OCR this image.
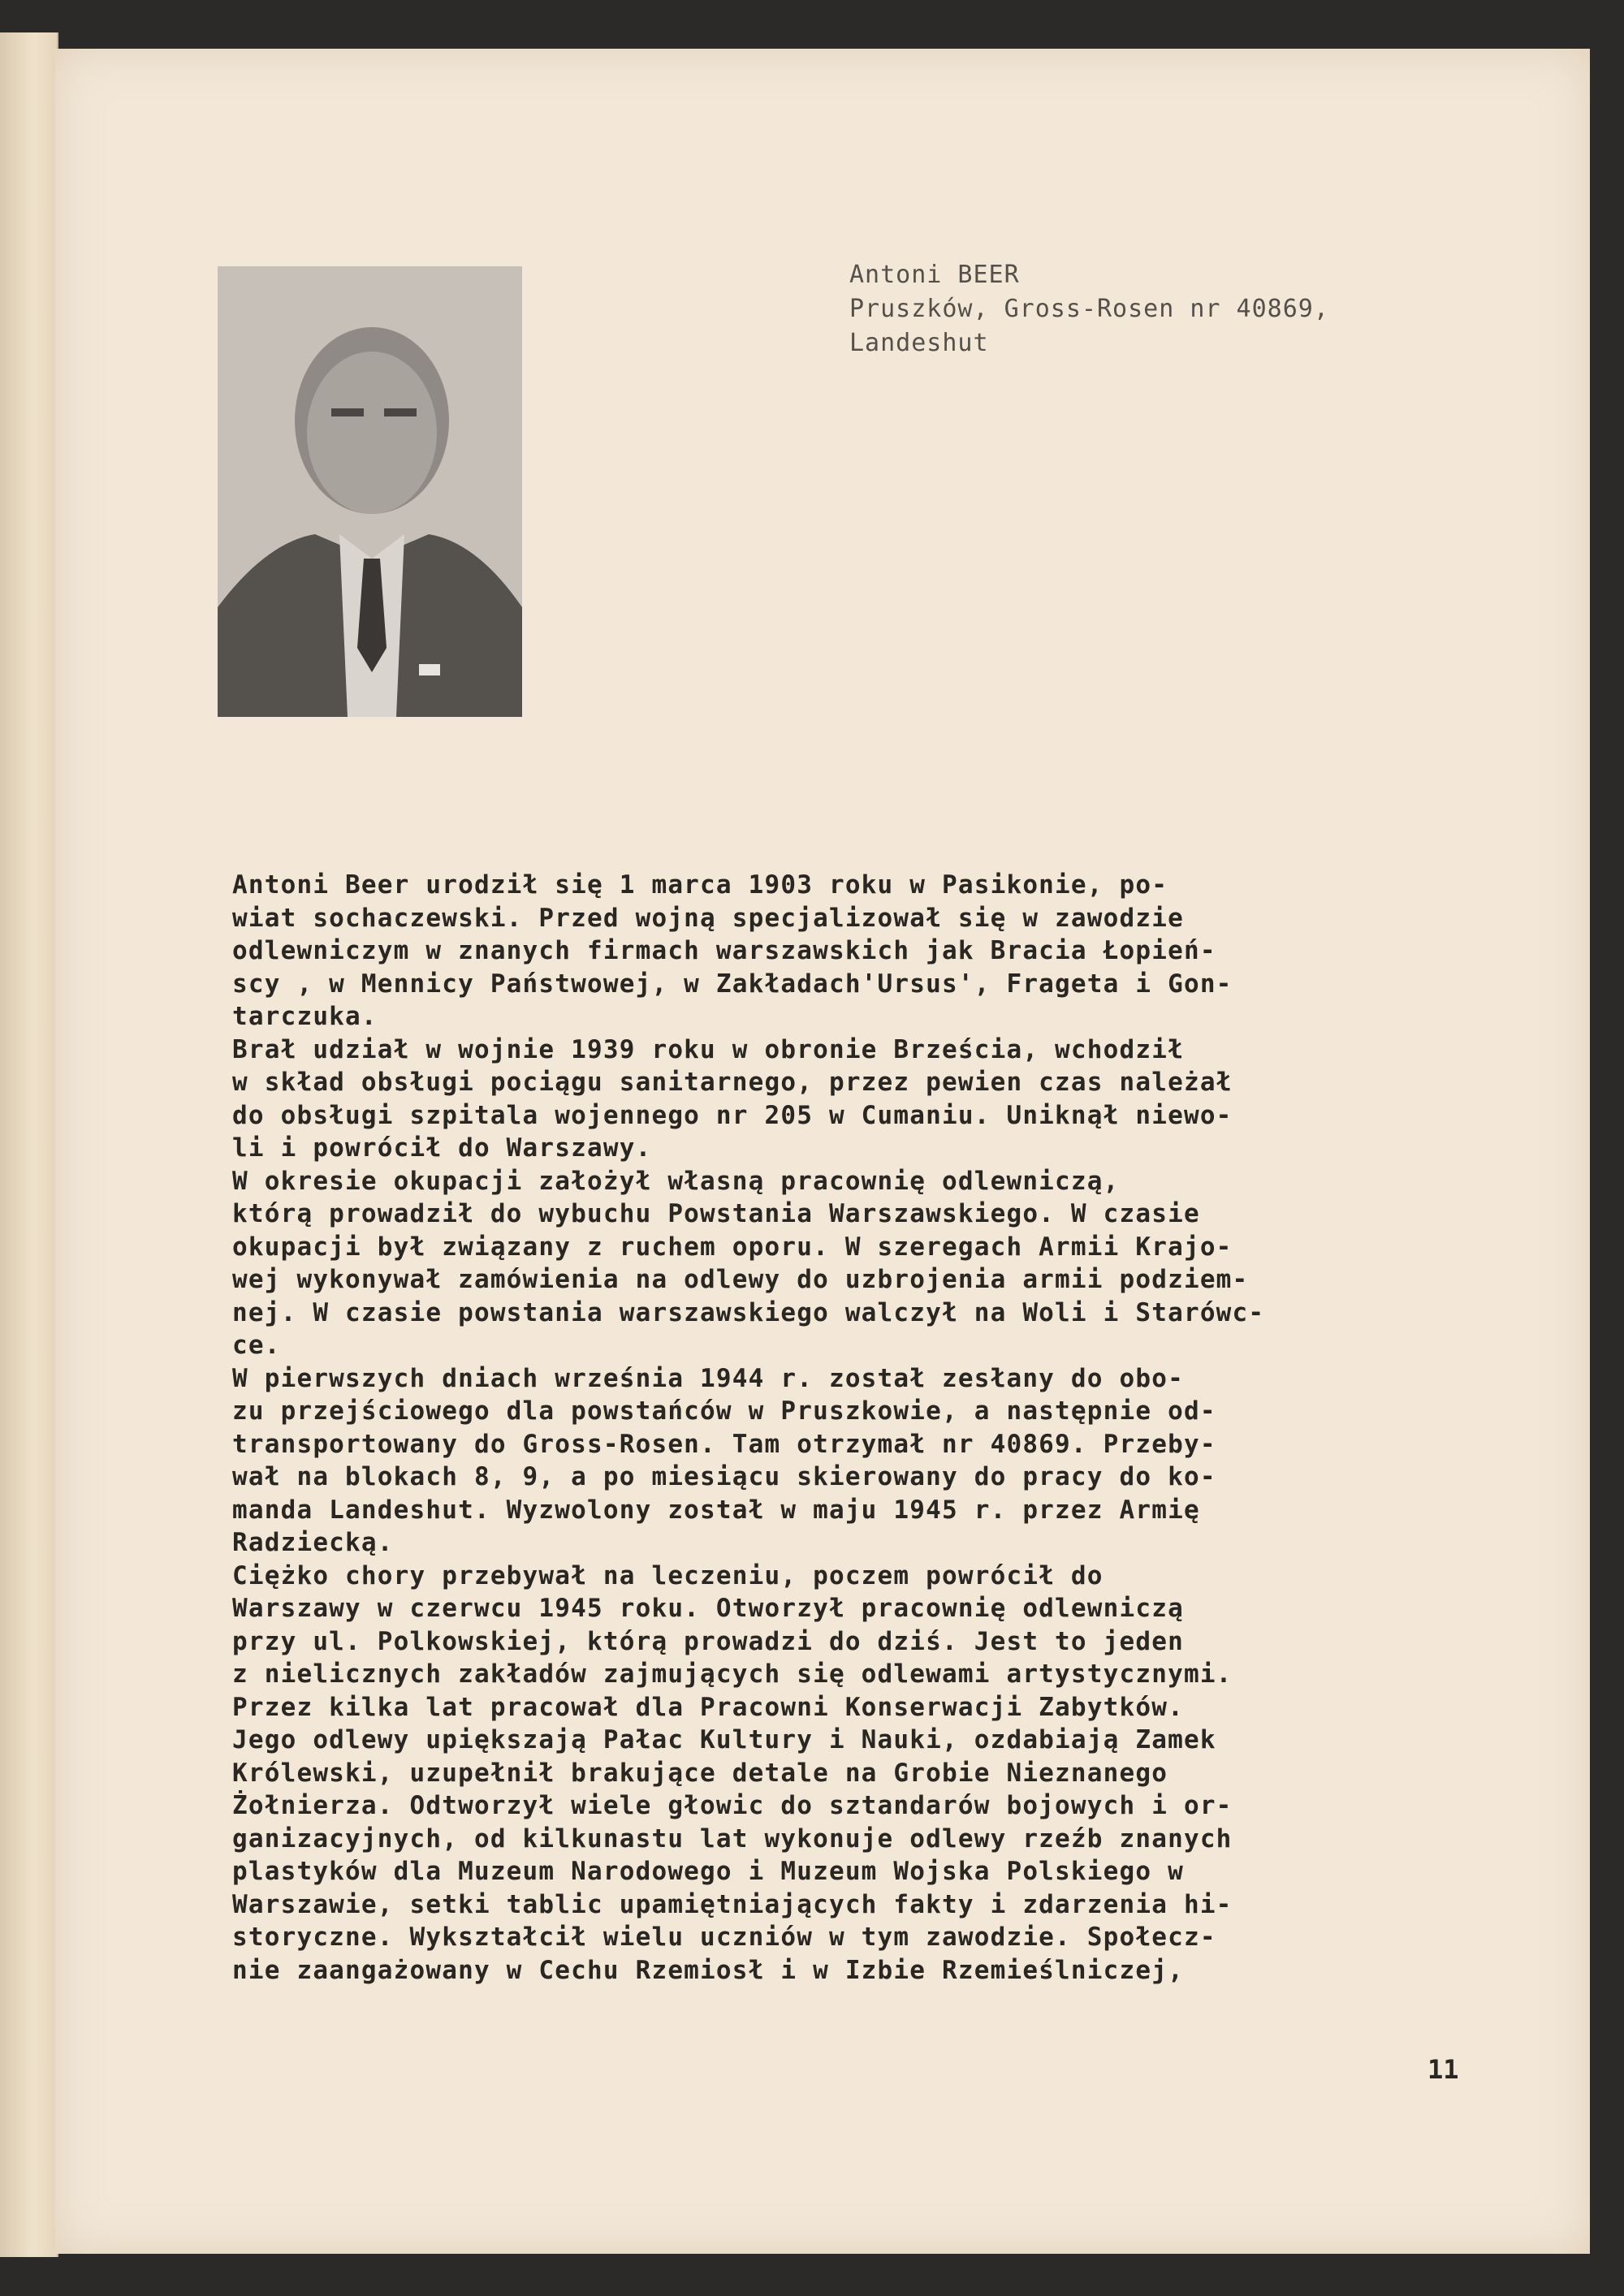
Antoni BEER
Pruszków, Gross-Rosen nr 40869,
Landeshut
Antoni Beer urodził się 1 marca 1903 roku w Pasikonie, po-
wiat sochaczewski. Przed wojną specjalizował się w zawodzie
odlewniczym w znanych firmach warszawskich jak Bracia Łopień-
scy , w Mennicy Państwowej, w Zakładach'Ursus', Frageta i Gon-
tarczuka.
Brał udział w wojnie 1939 roku w obronie Brześcia, wchodził
w skład obsługi pociągu sanitarnego, przez pewien czas należał
do obsługi szpitala wojennego nr 205 w Cumaniu. Uniknął niewo-
li i powrócił do Warszawy.
W okresie okupacji założył własną pracownię odlewniczą,
którą prowadził do wybuchu Powstania Warszawskiego. W czasie
okupacji był związany z ruchem oporu. W szeregach Armii Krajo-
wej wykonywał zamówienia na odlewy do uzbrojenia armii podziem-
nej. W czasie powstania warszawskiego walczył na Woli i Starówc-
ce.
W pierwszych dniach września 1944 r. został zesłany do obo-
zu przejściowego dla powstańców w Pruszkowie, a następnie od-
transportowany do Gross-Rosen. Tam otrzymał nr 40869. Przeby-
wał na blokach 8, 9, a po miesiącu skierowany do pracy do ko-
manda Landeshut. Wyzwolony został w maju 1945 r. przez Armię
Radziecką.
Ciężko chory przebywał na leczeniu, poczem powrócił do
Warszawy w czerwcu 1945 roku. Otworzył pracownię odlewniczą
przy ul. Polkowskiej, którą prowadzi do dziś. Jest to jeden
z nielicznych zakładów zajmujących się odlewami artystycznymi.
Przez kilka lat pracował dla Pracowni Konserwacji Zabytków.
Jego odlewy upiększają Pałac Kultury i Nauki, ozdabiają Zamek
Królewski, uzupełnił brakujące detale na Grobie Nieznanego
Żołnierza. Odtworzył wiele głowic do sztandarów bojowych i or-
ganizacyjnych, od kilkunastu lat wykonuje odlewy rzeźb znanych
plastyków dla Muzeum Narodowego i Muzeum Wojska Polskiego w
Warszawie, setki tablic upamiętniających fakty i zdarzenia hi-
storyczne. Wykształcił wielu uczniów w tym zawodzie. Społecz-
nie zaangażowany w Cechu Rzemiosł i w Izbie Rzemieślniczej,
11
